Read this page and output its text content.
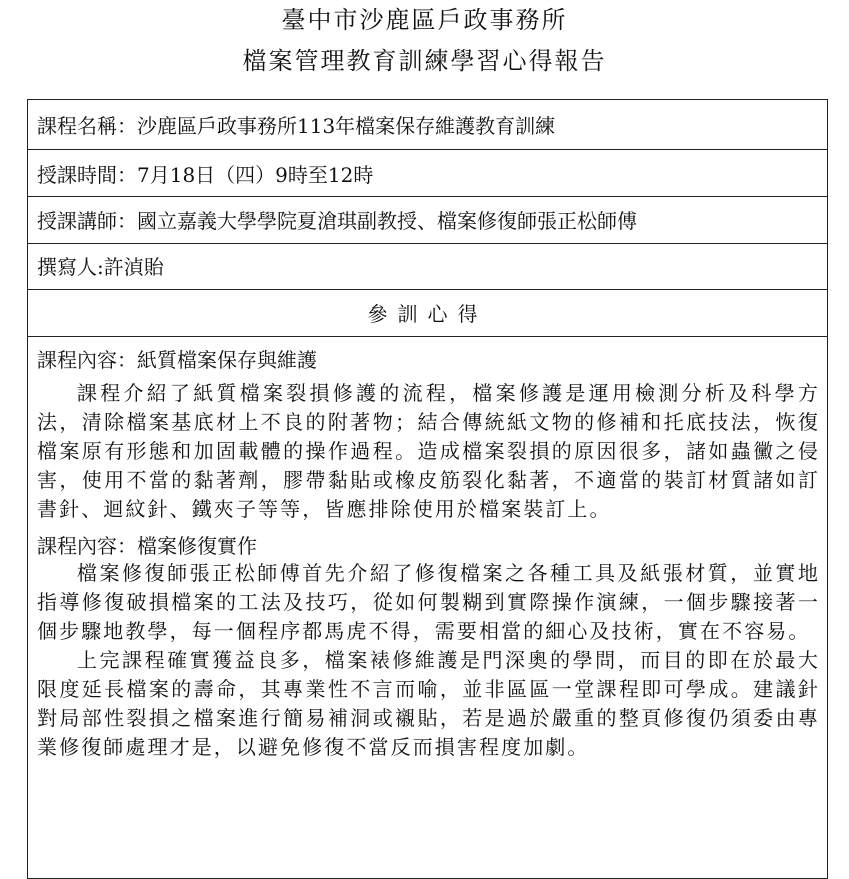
臺中市沙鹿區戶政事務所
檔案管理教育訓練學習心得報告
課程名稱：沙鹿區戶政事務所113年檔案保存維護教育訓練
授課時間：7月18日（四）9時至12時
授課講師：國立嘉義大學學院夏滄琪副教授、檔案修復師張正松師傅
撰寫人:許湞貽
參訓心得

課程內容：紙質檔案保存與維護

課程介紹了紙質檔案裂損修護的流程，檔案修護是運用檢測分析及科學方法，清除檔案基底材上不良的附著物；結合傳統紙文物的修補和托底技法，恢復檔案原有形態和加固載體的操作過程。造成檔案裂損的原因很多，諸如蟲黴之侵害，使用不當的黏著劑，膠帶黏貼或橡皮筋裂化黏著，不適當的裝訂材質諸如訂書針、迴紋針、鐵夾子等等，皆應排除使用於檔案裝訂上。

課程內容：檔案修復實作

檔案修復師張正松師傅首先介紹了修復檔案之各種工具及紙張材質，並實地指導修復破損檔案的工法及技巧，從如何製糊到實際操作演練，一個步驟接著一個步驟地教學，每一個程序都馬虎不得，需要相當的細心及技術，實在不容易。

上完課程確實獲益良多，檔案裱修維護是門深奧的學問，而目的即在於最大限度延長檔案的壽命，其專業性不言而喻，並非區區一堂課程即可學成。建議針對局部性裂損之檔案進行簡易補洞或襯貼，若是過於嚴重的整頁修復仍須委由專業修復師處理才是，以避免修復不當反而損害程度加劇。
